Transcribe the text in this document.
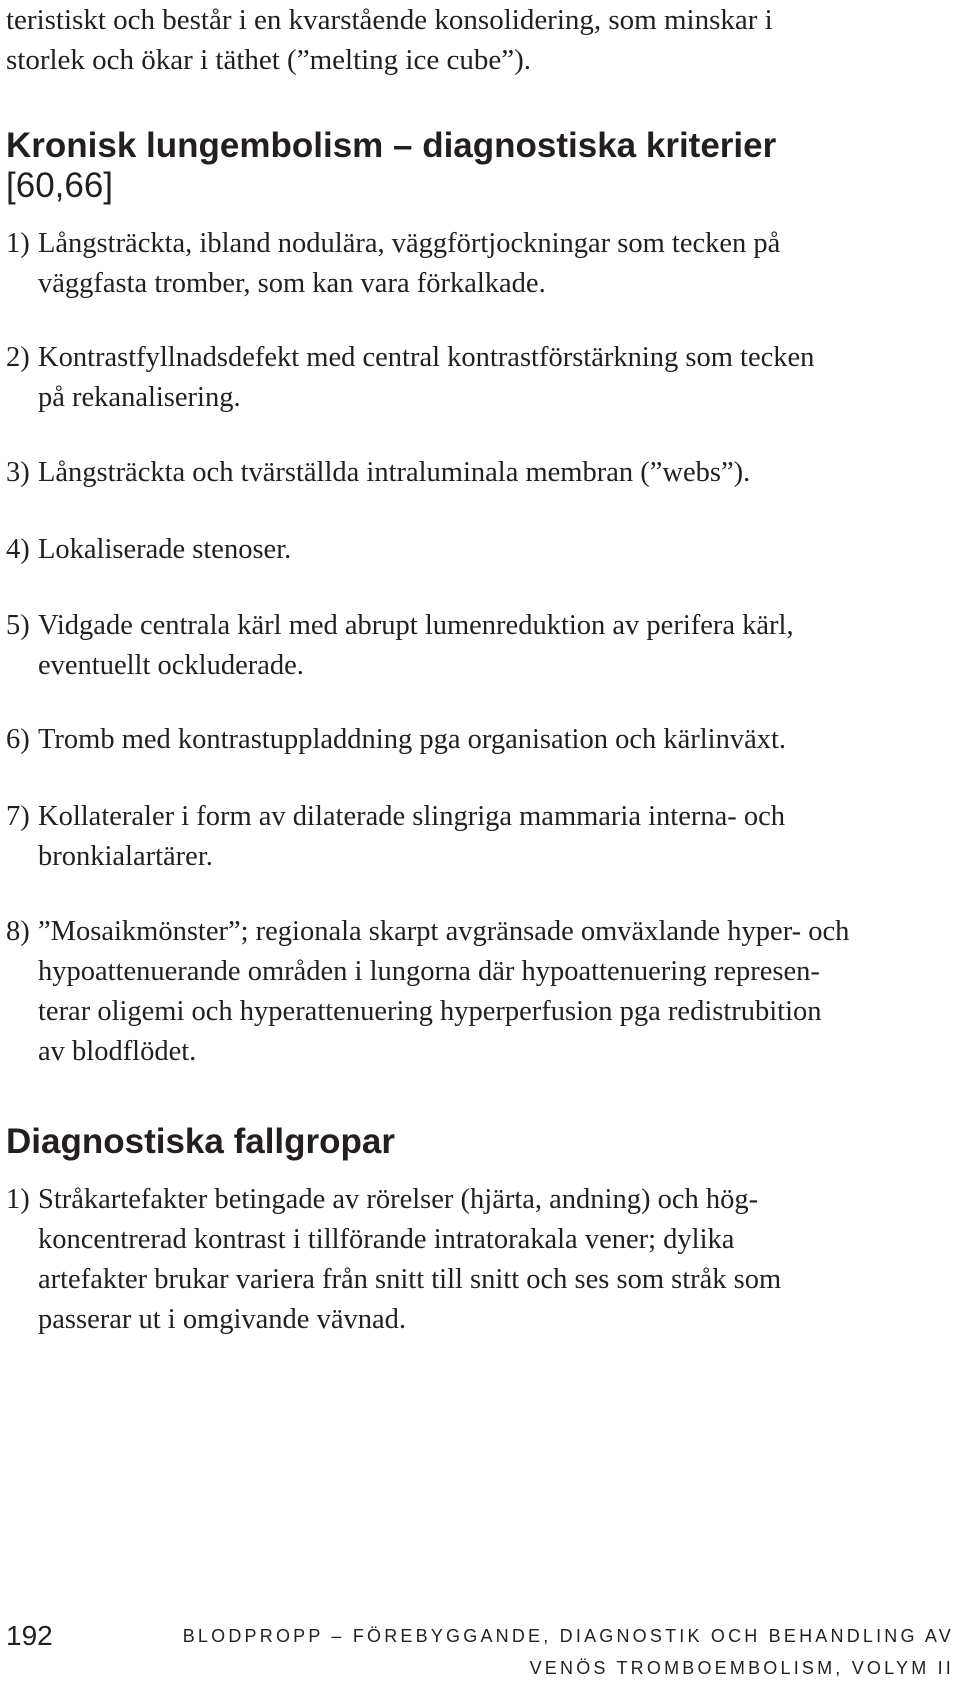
teristiskt och består i en kvarstående konsolidering, som minskar i
storlek och ökar i täthet (”melting ice cube”).
Kronisk lungembolism – diagnostiska kriterier
[60,66]
1) Långsträckta, ibland nodulära, väggförtjockningar som tecken på
väggfasta tromber, som kan vara förkalkade.
2) Kontrastfyllnadsdefekt med central kontrastförstärkning som tecken
på rekanalisering.
3) Långsträckta och tvärställda intraluminala membran (”webs”).
4) Lokaliserade stenoser.
5) Vidgade centrala kärl med abrupt lumenreduktion av perifera kärl,
eventuellt ockluderade.
6) Tromb med kontrastuppladdning pga organisation och kärlinväxt.
7) Kollateraler i form av dilaterade slingriga mammaria interna- och
bronkialartärer.
8) ”Mosaikmönster”; regionala skarpt avgränsade omväxlande hyper- och
hypoattenuerande områden i lungorna där hypoattenuering represen-
terar oligemi och hyperattenuering hyperperfusion pga redistrubition
av blodflödet.
Diagnostiska fallgropar
1) Stråkartefakter betingade av rörelser (hjärta, andning) och hög-
koncentrerad kontrast i tillförande intratorakala vener; dylika
artefakter brukar variera från snitt till snitt och ses som stråk som
passerar ut i omgivande vävnad.
192	BLODPROPP – FÖREBYGGANDE, DIAGNOSTIK OCH BEHANDLING AV
VENÖS TROMBOEMBOLISM, VOLYM II
